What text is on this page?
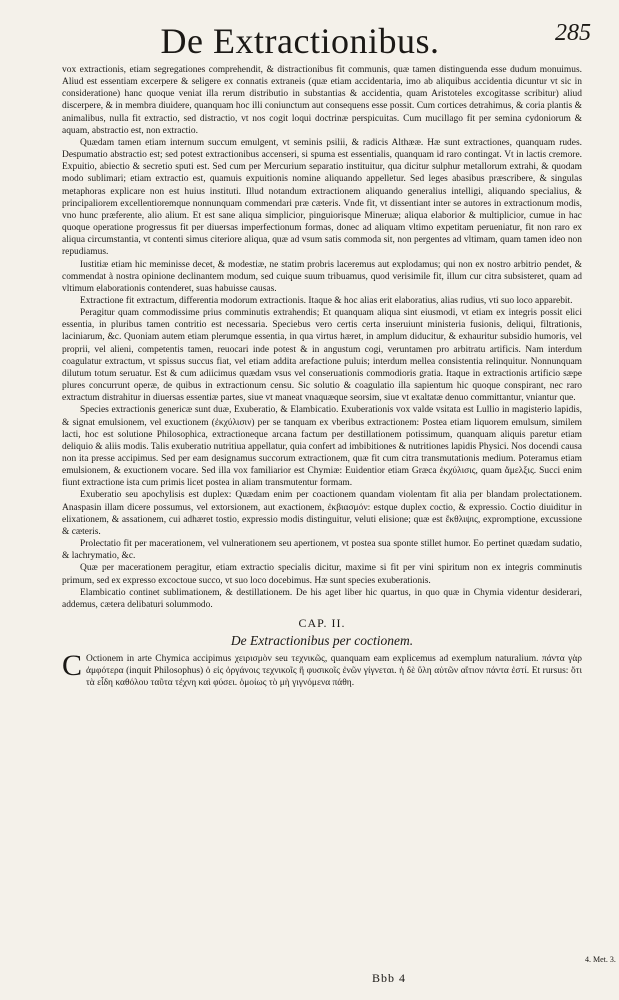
De Extractionibus.	285

vox extractionis, etiam segregationes comprehendit, & distractionibus fit communis, quæ tamen distinguenda esse dudum monuimus. Aliud est essentiam excerpere & seligere ex connatis extraneis (quæ etiam accidentaria, imo ab aliquibus accidentia dicuntur vt sic in consideratione) hanc quoque veniat illa rerum distributio in substantias & accidentia, quam Aristoteles excogitasse scribitur) aliud discerpere, & in membra diuidere, quanquam hoc illi coniunctum aut consequens esse possit. Cum cortices detrahimus, & coria plantis & animalibus, nulla fit extractio, sed distractio, vt nos cogit loqui doctrinæ perspicuitas. Cum mucillago fit per semina cydoniorum & aquam, abstractio est, non extractio.

Quædam tamen etiam internum succum emulgent, vt seminis psilii, & radicis Althææ. Hæ sunt extractiones, quanquam rudes. Despumatio abstractio est; sed potest extractionibus accenseri, si spuma est essentialis, quanquam id raro contingat. Vt in lactis cremore. Expuitio, abiectio & secretio sputi est. Sed cum per Mercurium separatio instituitur, qua dicitur sulphur metallorum extrahi, & quodam modo sublimari; etiam extractio est, quamuis expuitionis nomine aliquando appelletur. Sed leges abasibus præscribere, & singulas metaphoras explicare non est huius instituti. Illud notandum extractionem aliquando generalius intelligi, aliquando specialius, & principaliorem excellentioremque nonnunquam commendari præ cæteris. Vnde fit, vt dissentiant inter se autores in extractionum modis, vno hunc præferente, alio alium. Et est sane aliqua simplicior, pinguiorisque Mineruæ; aliqua elaborior & multiplicior, cumue in hac quoque operatione progressus fit per diuersas imperfectionum formas, donec ad aliquam vltimo expetitam perueniatur, fit non raro ex aliqua circumstantia, vt contenti simus citeriore aliqua, quæ ad vsum satis commoda sit, non pergentes ad vltimam, quam tamen ideo non repudiamus.

Iustitiæ etiam hic meminisse decet, & modestiæ, ne statim probris laceremus aut explodamus; qui non ex nostro arbitrio pendet, & commendat à nostra opinione declinantem modum, sed cuique suum tribuamus, quod verisimile fit, illum cur citra subsisteret, quam ad vltimum elaborationis contenderet, suas habuisse causas.

Extractione fit extractum, differentia modorum extractionis. Itaque & hoc alias erit elaboratius, alias rudius, vti suo loco apparebit.

Peragitur quam commodissime prius comminutis extrahendis; Et quanquam aliqua sint eiusmodi, vt etiam ex integris possit elici essentia, in pluribus tamen contritio est necessaria. Speciebus vero certis certa inseruiunt ministeria fusionis, deliqui, filtrationis, laciniarum, &c. Quoniam autem etiam plerumque essentia, in qua virtus hæret, in amplum diducitur, & exhauritur subsidio humoris, vel proprii, vel alieni, competentis tamen, reuocari inde potest & in angustum cogi, veruntamen pro arbitratu artificis. Nam interdum coagulatur extractum, vt spissus succus fiat, vel etiam addita arefactione puluis; interdum mellea consistentia relinquitur. Nonnunquam dilutum totum seruatur. Est & cum adiicimus quædam vsus vel conseruationis commodioris gratia. Itaque in extractionis artificio sæpe plures concurrunt operæ, de quibus in extractionum censu. Sic solutio & coagulatio illa sapientum hic quoque conspirant, nec raro extractum distrahitur in diuersas essentiæ partes, siue vt maneat vnaquæque seorsim, siue vt exaltatæ denuo committantur, vniantur que.

Species extractionis genericæ sunt duæ, Exuberatio, & Elambicatio. Exuberationis vox valde vsitata est Lullio in magisterio lapidis, & signat emulsionem, vel exuctionem (ἐκχύλισιν) per se tanquam ex vberibus extractionem: Postea etiam liquorem emulsum, similem lacti, hoc est solutione Philosophica, extractioneque arcana factum per destillationem potissimum, quanquam aliquis paretur etiam deliquio & aliis modis. Talis exuberatio nutritiua appellatur, quia confert ad imbibitiones & nutritiones lapidis Physici. Nos docendi causa non ita presse accipimus. Sed per eam designamus succorum extractionem, quæ fit cum citra transmutationis medium. Poteramus etiam emulsionem, & exuctionem vocare. Sed illa vox familiarior est Chymiæ: Euidentior etiam Græca ἐκχύλισις, quam ἄμελξις. Succi enim fiunt extractione ista cum primis licet postea in aliam transmutentur formam.

Exuberatio seu apochylisis est duplex: Quædam enim per coactionem quandam violentam fit alia per blandam prolectationem. Anaspasin illam dicere possumus, vel extorsionem, aut exactionem, ἐκβιασμόν: estque duplex coctio, & expressio. Coctio diuiditur in elixationem, & assationem, cui adhæret tostio, expressio modis distinguitur, veluti elisione; quæ est ἔκθλιψις, expromptione, excussione & cæteris.

Prolectatio fit per macerationem, vel vulnerationem seu apertionem, vt postea sua sponte stillet humor. Eo pertinet quædam sudatio, & lachrymatio, &c.

Quæ per macerationem peragitur, etiam extractio specialis dicitur, maxime si fit per vini spiritum non ex integris comminutis primum, sed ex expresso excoctoue succo, vt suo loco docebimus. Hæ sunt species exuberationis.

Elambicatio continet sublimationem, & destillationem. De his aget liber hic quartus, in quo quæ in Chymia videntur desiderari, addemus, cætera delibaturi solummodo.

CAP. II.
De Extractionibus per coctionem.

C Octionem in arte Chymica accipimus χειρισμὸν seu τεχνικῶς, quanquam eam explicemus ad exemplum naturalium. πάντα γὰρ ἀμφότερα (inquit Philosophus) ὁ εἰς ὀργάνοις τεχνικοῖς ἢ φυσικοῖς ἐνῶν γίγνεται. ἡ δὲ ὕλη αὐτῶν αἴτιον πάντα ἐστί. Et rursus: ὅτι τὰ εἶδη καθόλου ταῦτα τέχνη καὶ φύσει. ὁμοίως τὸ μὴ γιγνόμενα πάθη.

4. Met. 3.
Bbb 4
